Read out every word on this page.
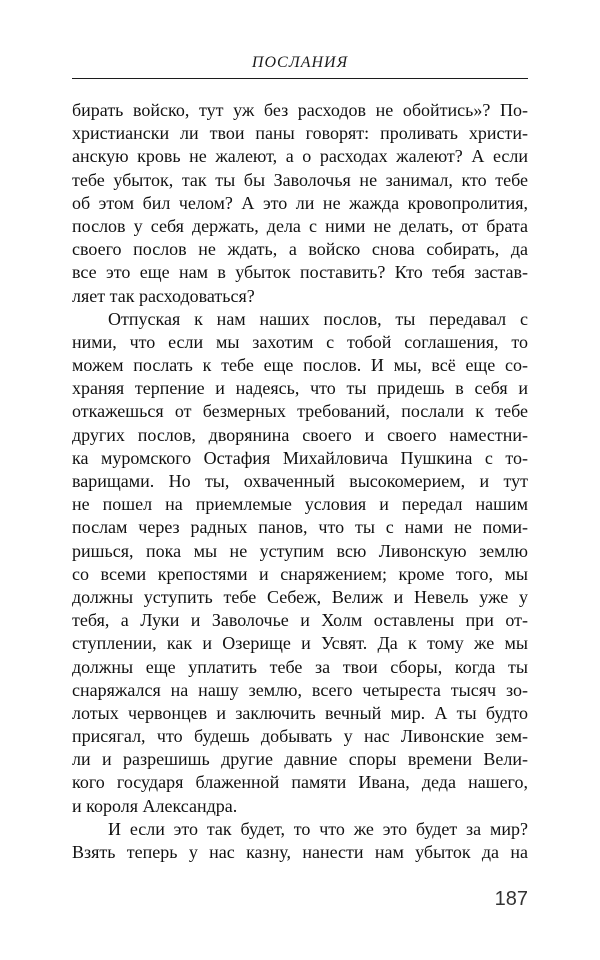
ПОСЛАНИЯ
бирать войско, тут уж без расходов не обойтись»? По-
христиански ли твои паны говорят: проливать христи-
анскую кровь не жалеют, а о расходах жалеют? А если
тебе убыток, так ты бы Заволочья не занимал, кто тебе
об этом бил челом? А это ли не жажда кровопролития,
послов у себя держать, дела с ними не делать, от брата
своего послов не ждать, а войско снова собирать, да
все это еще нам в убыток поставить? Кто тебя застав-
ляет так расходоваться?
Отпуская к нам наших послов, ты передавал с
ними, что если мы захотим с тобой соглашения, то
можем послать к тебе еще послов. И мы, всё еще со-
храняя терпение и надеясь, что ты придешь в себя и
откажешься от безмерных требований, послали к тебе
других послов, дворянина своего и своего наместни-
ка муромского Остафия Михайловича Пушкина с то-
варищами. Но ты, охваченный высокомерием, и тут
не пошел на приемлемые условия и передал нашим
послам через радных панов, что ты с нами не поми-
ришься, пока мы не уступим всю Ливонскую землю
со всеми крепостями и снаряжением; кроме того, мы
должны уступить тебе Себеж, Велиж и Невель уже у
тебя, а Луки и Заволочье и Холм оставлены при от-
ступлении, как и Озерище и Усвят. Да к тому же мы
должны еще уплатить тебе за твои сборы, когда ты
снаряжался на нашу землю, всего четыреста тысяч зо-
лотых червонцев и заключить вечный мир. А ты будто
присягал, что будешь добывать у нас Ливонские зем-
ли и разрешишь другие давние споры времени Вели-
кого государя блаженной памяти Ивана, деда нашего,
и короля Александра.
И если это так будет, то что же это будет за мир?
Взять теперь у нас казну, нанести нам убыток да на
187
